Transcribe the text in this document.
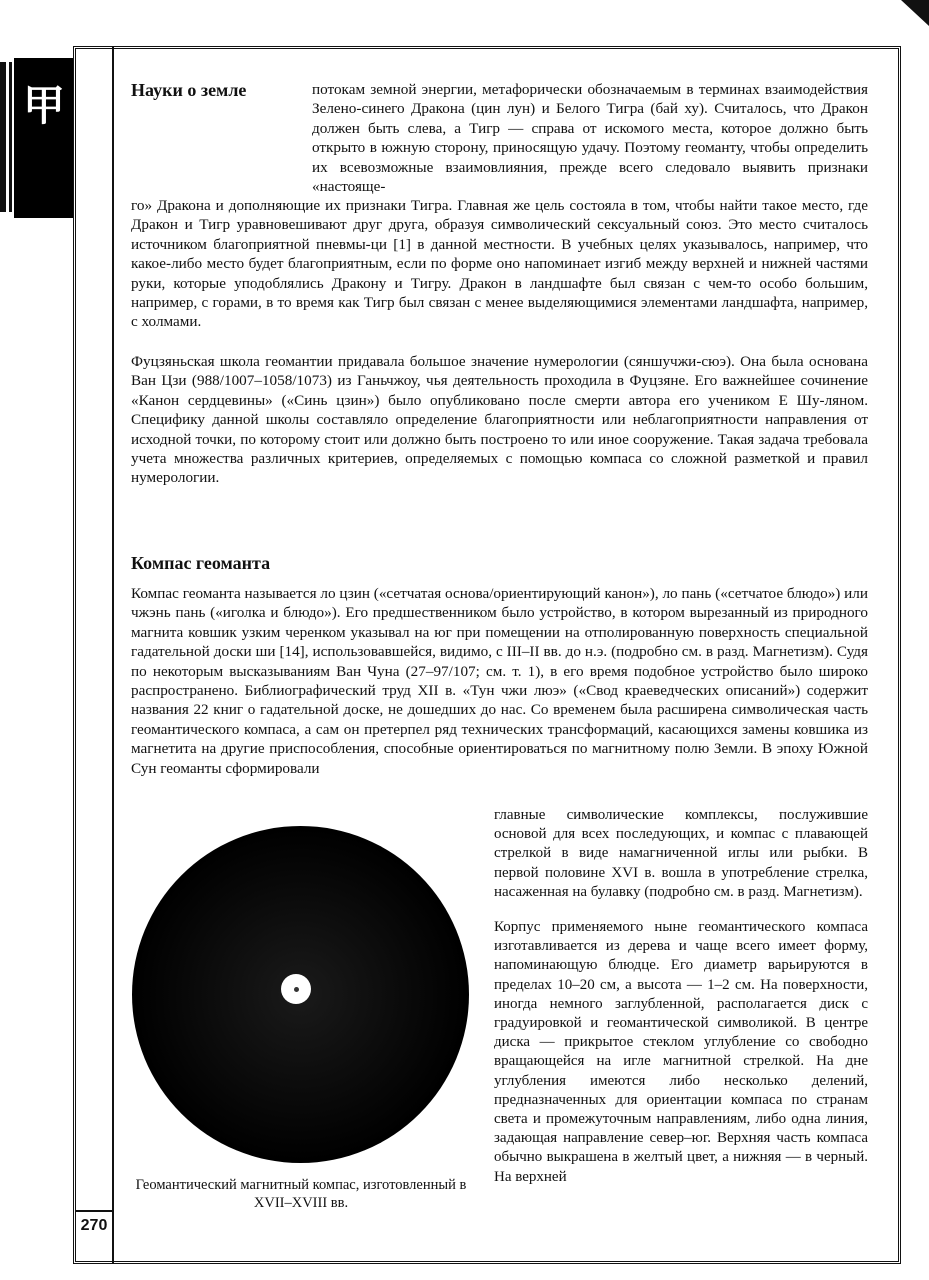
甲
270
Науки о земле	потокам земной энергии, метафорически обозначаемым в терминах взаимодействия Зелено-синего Дракона (цин лун) и Белого Тигра (бай ху). Считалось, что Дракон должен быть слева, а Тигр — справа от искомого места, которое должно быть открыто в южную сторону, приносящую удачу. Поэтому геоманту, чтобы определить их всевозможные взаимовлияния, прежде всего следовало выявить признаки «настояще-

го» Дракона и дополняющие их признаки Тигра. Главная же цель состояла в том, чтобы найти такое место, где Дракон и Тигр уравновешивают друг друга, образуя символический сексуальный союз. Это место считалось источником благоприятной пневмы-ци [1] в данной местности. В учебных целях указывалось, например, что какое-либо место будет благоприятным, если по форме оно напоминает изгиб между верхней и нижней частями руки, которые уподоблялись Дракону и Тигру. Дракон в ландшафте был связан с чем-то особо большим, например, с горами, в то время как Тигр был связан с менее выделяющимися элементами ландшафта, например, с холмами.

Фуцзяньская школа геомантии придавала большое значение нумерологии (сяншучжи-сюэ). Она была основана Ван Цзи (988/1007–1058/1073) из Ганьчжоу, чья деятельность проходила в Фуцзяне. Его важнейшее сочинение «Канон сердцевины» («Синь цзин») было опубликовано после смерти автора его учеником Е Шу-ляном. Специфику данной школы составляло определение благоприятности или неблагоприятности направления от исходной точки, по которому стоит или должно быть построено то или иное сооружение. Такая задача требовала учета множества различных критериев, определяемых с помощью компаса со сложной разметкой и правил нумерологии.

Компас геоманта

Компас геоманта называется ло цзин («сетчатая основа/ориентирующий канон»), ло пань («сетчатое блюдо») или чжэнь пань («иголка и блюдо»). Его предшественником было устройство, в котором вырезанный из природного магнита ковшик узким черенком указывал на юг при помещении на отполированную поверхность специальной гадательной доски ши [14], использовавшейся, видимо, с III–II вв. до н.э. (подробно см. в разд. Магнетизм). Судя по некоторым высказываниям Ван Чуна (27–97/107; см. т. 1), в его время подобное устройство было широко распространено. Библиографический труд XII в. «Тун чжи люэ» («Свод краеведческих описаний») содержит названия 22 книг о гадательной доске, не дошедших до нас. Со временем была расширена символическая часть геомантического компаса, а сам он претерпел ряд технических трансформаций, касающихся замены ковшика из магнетита на другие приспособления, способные ориентироваться по магнитному полю Земли. В эпоху Южной Сун геоманты сформировали

Геомантический магнитный компас, изготовленный в XVII–XVIII вв.

главные символические комплексы, послужившие основой для всех последующих, и компас с плавающей стрелкой в виде намагниченной иглы или рыбки. В первой половине XVI в. вошла в употребление стрелка, насаженная на булавку (подробно см. в разд. Магнетизм).

Корпус применяемого ныне геомантического компаса изготавливается из дерева и чаще всего имеет форму, напоминающую блюдце. Его диаметр варьируются в пределах 10–20 см, а высота — 1–2 см. На поверхности, иногда немного заглубленной, располагается диск с градуировкой и геомантической символикой. В центре диска — прикрытое стеклом углубление со свободно вращающейся на игле магнитной стрелкой. На дне углубления имеются либо несколько делений, предназначенных для ориентации компаса по странам света и промежуточным направлениям, либо одна линия, задающая направление север–юг. Верхняя часть компаса обычно выкрашена в желтый цвет, а нижняя — в черный. На верхней
